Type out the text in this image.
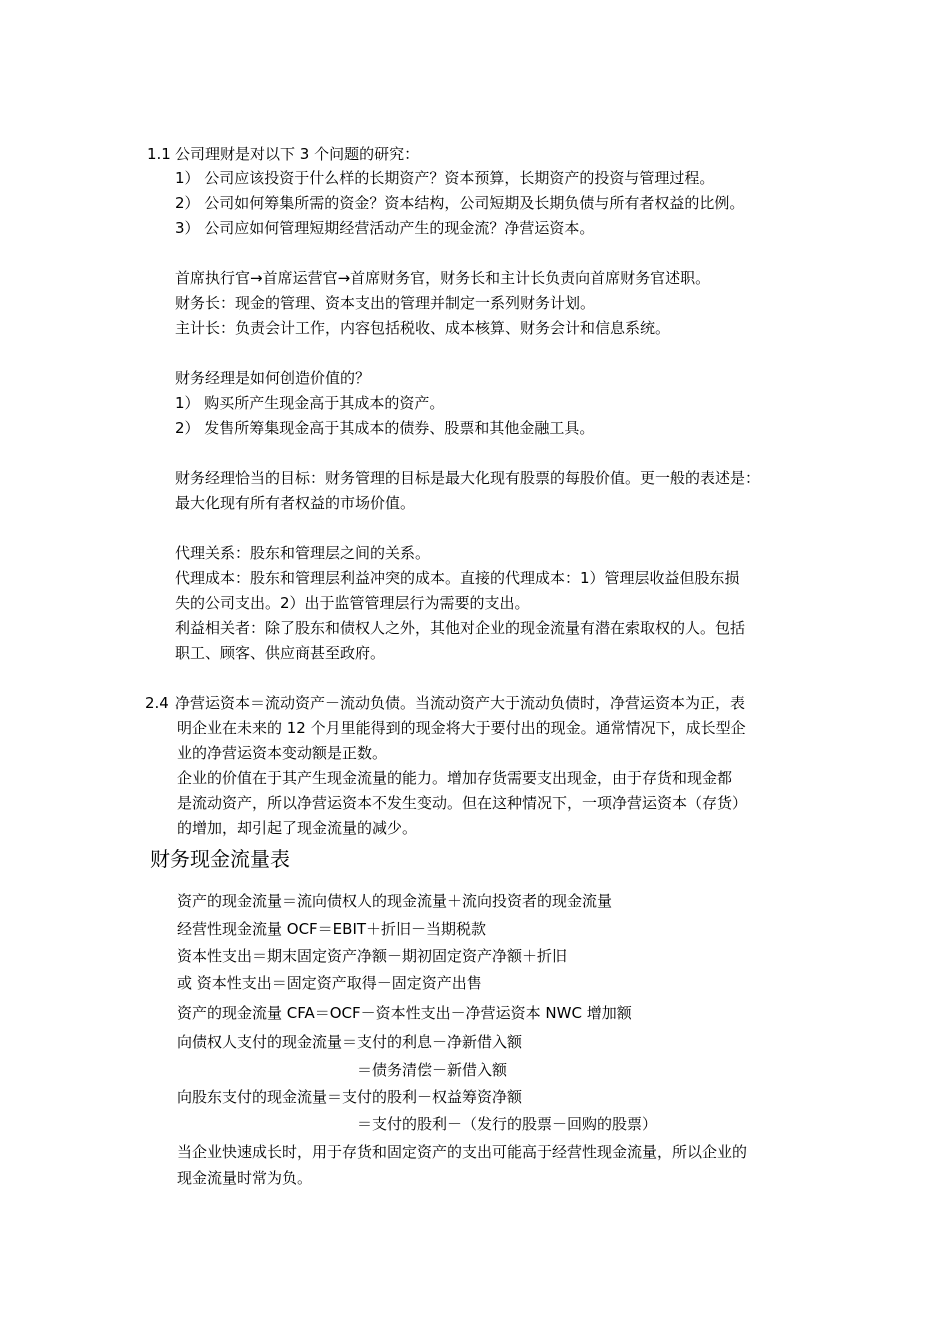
1.1 公司理财是对以下 3 个问题的研究：
1） 公司应该投资于什么样的长期资产？资本预算，长期资产的投资与管理过程。
2） 公司如何筹集所需的资金？资本结构，公司短期及长期负债与所有者权益的比例。
3） 公司应如何管理短期经营活动产生的现金流？净营运资本。
首席执行官→首席运营官→首席财务官，财务长和主计长负责向首席财务官述职。
财务长：现金的管理、资本支出的管理并制定一系列财务计划。
主计长：负责会计工作，内容包括税收、成本核算、财务会计和信息系统。
财务经理是如何创造价值的？
1） 购买所产生现金高于其成本的资产。
2） 发售所筹集现金高于其成本的债券、股票和其他金融工具。
财务经理恰当的目标：财务管理的目标是最大化现有股票的每股价值。更一般的表述是：
最大化现有所有者权益的市场价值。
代理关系：股东和管理层之间的关系。
代理成本：股东和管理层利益冲突的成本。直接的代理成本：1）管理层收益但股东损
失的公司支出。2）出于监管管理层行为需要的支出。
利益相关者：除了股东和债权人之外，其他对企业的现金流量有潜在索取权的人。包括
职工、顾客、供应商甚至政府。
2.4 净营运资本＝流动资产－流动负债。当流动资产大于流动负债时，净营运资本为正，表
明企业在未来的 12 个月里能得到的现金将大于要付出的现金。通常情况下，成长型企
业的净营运资本变动额是正数。
企业的价值在于其产生现金流量的能力。增加存货需要支出现金，由于存货和现金都
是流动资产，所以净营运资本不发生变动。但在这种情况下，一项净营运资本（存货）
的增加，却引起了现金流量的减少。
财务现金流量表
资产的现金流量＝流向债权人的现金流量＋流向投资者的现金流量
经营性现金流量 OCF＝EBIT＋折旧－当期税款
资本性支出＝期末固定资产净额－期初固定资产净额＋折旧
或 资本性支出＝固定资产取得－固定资产出售
资产的现金流量 CFA＝OCF－资本性支出－净营运资本 NWC 增加额
向债权人支付的现金流量＝支付的利息－净新借入额
＝债务清偿－新借入额
向股东支付的现金流量＝支付的股利－权益筹资净额
＝支付的股利－（发行的股票－回购的股票）
当企业快速成长时，用于存货和固定资产的支出可能高于经营性现金流量，所以企业的
现金流量时常为负。
